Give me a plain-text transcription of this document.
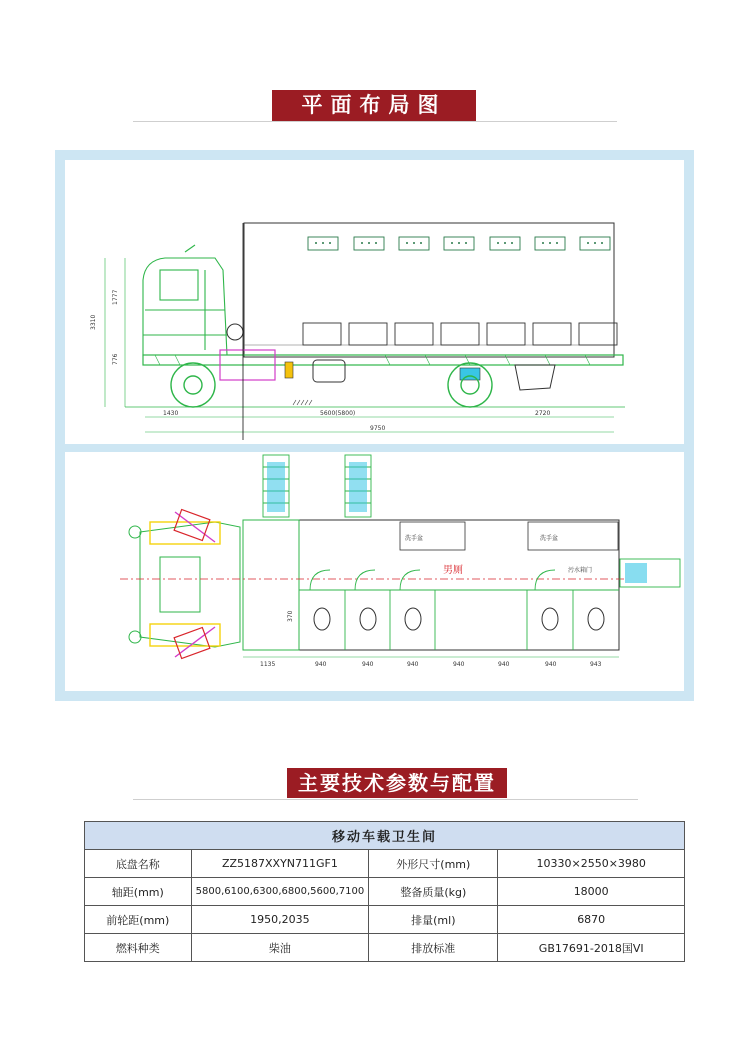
平面布局图
1430	5600(5800)	2720
9750
3310
1777
776
洗手盆	洗手盆
污水箱门
男厕
1135	940	940	940	940	940	940	943
370
主要技术参数与配置
移动车载卫生间			
底盘名称	ZZ5187XXYN711GF1	外形尺寸(mm)	10330×2550×3980
轴距(mm)	5800,6100,6300,6800,5600,7100	整备质量(kg)	18000
前轮距(mm)	1950,2035	排量(ml)	6870
燃料种类	柴油	排放标准	GB17691-2018国VI
